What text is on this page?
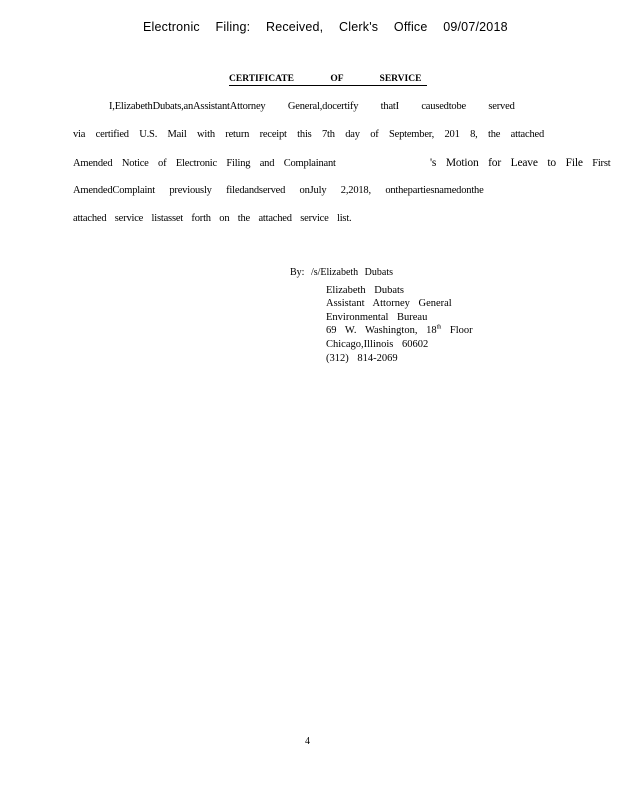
Electronic Filing: Received, Clerk's Office 09/07/2018
CERTIFICATE OF SERVICE
I,ElizabethDubats,anAssistantAttorney General,docertify thatI causedtobe served
via certified U.S. Mail with return receipt this 7th day of September, 201 8, the attached
Amended Notice of Electronic Filing and Complainant	's Motion for Leave to File First
AmendedComplaint previously filedandserved onJuly 2,2018, onthepartiesnamedonthe
attached service listasset forth on the attached service list.
By: /s/Elizabeth Dubats
Elizabeth Dubats
Assistant Attorney General
Environmental Bureau
69 W. Washington, 18th Floor
Chicago,Illinois 60602
(312) 814-2069
4
